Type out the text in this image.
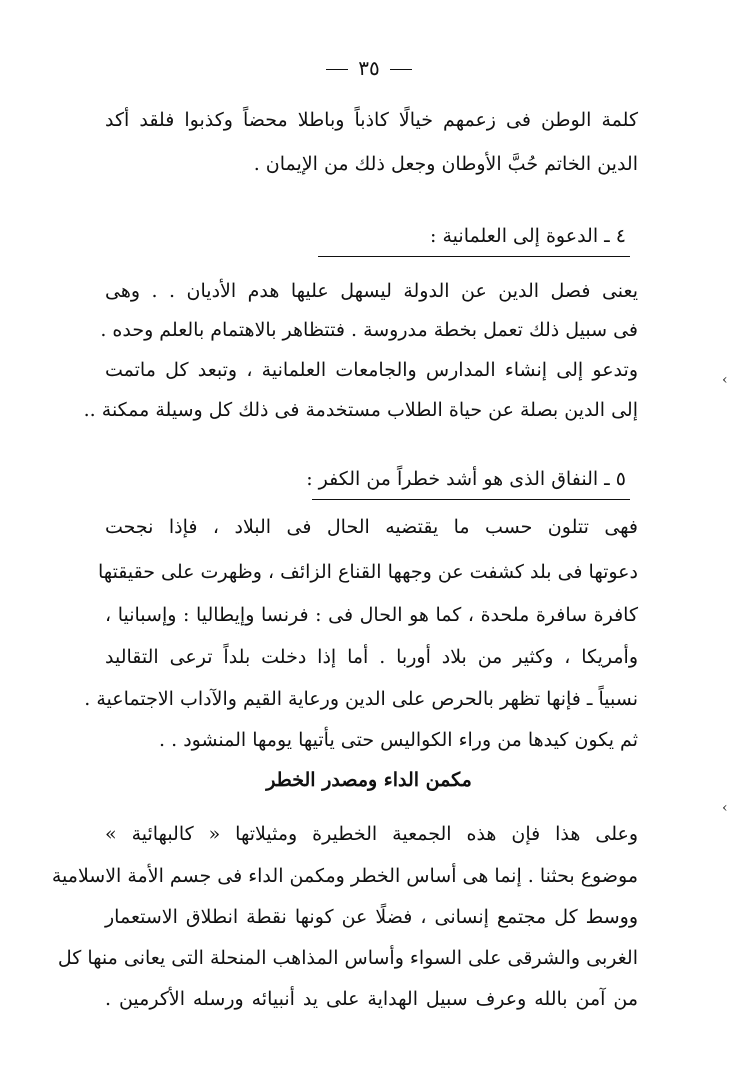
٣٥
كلمة الوطن فى زعمهم خيالًا كاذباً وباطلا محضاً وكذبوا فلقد أكد
الدين الخاتم حُبَّ الأوطان وجعل ذلك من الإيمان .
٤ ـ الدعوة إلى العلمانية :
يعنى فصل الدين عن الدولة ليسهل عليها هدم الأديان . . وهى
فى سبيل ذلك تعمل بخطة مدروسة . فتتظاهر بالاهتمام بالعلم وحده .
وتدعو إلى إنشاء المدارس والجامعات العلمانية ، وتبعد كل ماتمت
إلى الدين بصلة عن حياة الطلاب مستخدمة فى ذلك كل وسيلة ممكنة ..
٥ ـ النفاق الذى هو أشد خطراً من الكفر :
فهى تتلون حسب ما يقتضيه الحال فى البلاد ، فإذا نجحت
دعوتها فى بلد كشفت عن وجهها القناع الزائف ، وظهرت على حقيقتها
كافرة سافرة ملحدة ، كما هو الحال فى : فرنسا وإيطاليا : وإسبانيا ،
وأمريكا ، وكثير من بلاد أوربا . أما إذا دخلت بلداً ترعى التقاليد
نسبياً ـ فإنها تظهر بالحرص على الدين ورعاية القيم والآداب الاجتماعية .
ثم يكون كيدها من وراء الكواليس حتى يأتيها يومها المنشود . .
مكمن الداء ومصدر الخطر
وعلى هذا فإن هذه الجمعية الخطيرة ومثيلاتها « كالبهائية »
موضوع بحثنا . إنما هى أساس الخطر ومكمن الداء فى جسم الأمة الاسلامية
ووسط كل مجتمع إنسانى ، فضلًا عن كونها نقطة انطلاق الاستعمار
الغربى والشرقى على السواء وأساس المذاهب المنحلة التى يعانى منها كل
من آمن بالله وعرف سبيل الهداية على يد أنبيائه ورسله الأكرمين .
‹
‹
